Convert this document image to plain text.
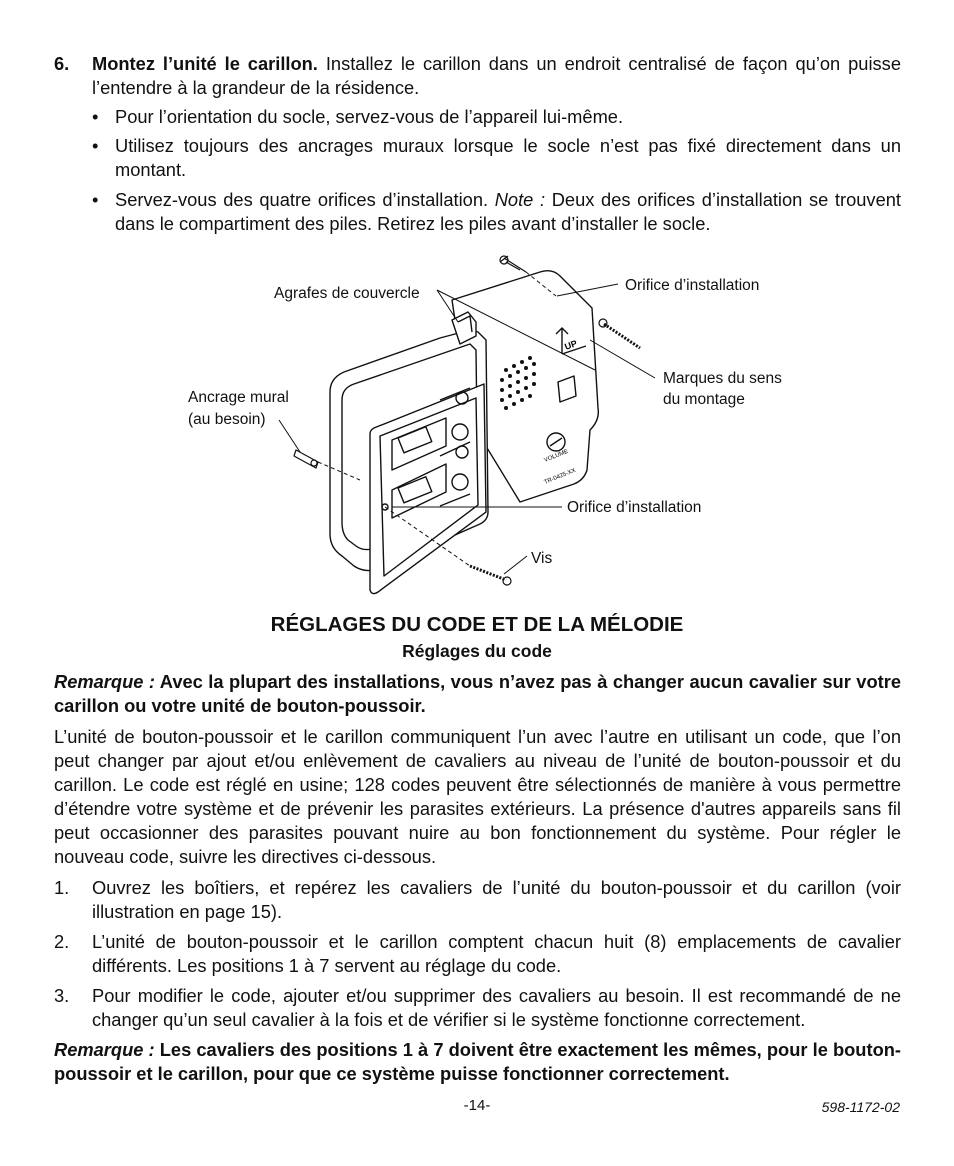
6. Montez l’unité le carillon. Installez le carillon dans un endroit centralisé de façon qu’on puisse l’entendre à la grandeur de la résidence.

• Pour l’orientation du socle, servez-vous de l’appareil lui-même.

• Utilisez toujours des ancrages muraux lorsque le socle n’est pas fixé directement dans un montant.

• Servez-vous des quatre orifices d’installation. Note : Deux des orifices d’installation se trouvent dans le compartiment des piles. Retirez les piles avant d’installer le socle.

UP
VOLUME
TR-0425-XX
Agrafes de couvercle	Orifice d’installation
Ancrage mural
(au besoin)
Marques du sens
du montage
Orifice d’installation
Vis
RÉGLAGES DU CODE ET DE LA MÉLODIE
Réglages du code

Remarque : Avec la plupart des installations, vous n’avez pas à changer aucun cavalier sur votre carillon ou votre unité de bouton-poussoir.

L’unité de bouton-poussoir et le carillon communiquent l’un avec l’autre en utilisant un code, que l’on peut changer par ajout et/ou enlèvement de cavaliers au niveau de l’unité de bouton-poussoir et du carillon. Le code est réglé en usine; 128 codes peuvent être sélectionnés de manière à vous permettre d’étendre votre système et de prévenir les parasites extérieurs. La présence d'autres appareils sans fil peut occasionner des parasites pouvant nuire au bon fonctionnement du système. Pour régler le nouveau code, suivre les directives ci-dessous.

1. Ouvrez les boîtiers, et repérez les cavaliers de l’unité du bouton-poussoir et du carillon (voir illustration en page 15).

2. L’unité de bouton-poussoir et le carillon comptent chacun huit (8) emplacements de cavalier différents. Les positions 1 à 7 servent au réglage du code.

3. Pour modifier le code, ajouter et/ou supprimer des cavaliers au besoin. Il est recommandé de ne changer qu’un seul cavalier à la fois et de vérifier si le système fonctionne correctement.

Remarque : Les cavaliers des positions 1 à 7 doivent être exactement les mêmes, pour le bouton-poussoir et le carillon, pour que ce système puisse fonctionner correctement.

-14-	598-1172-02
